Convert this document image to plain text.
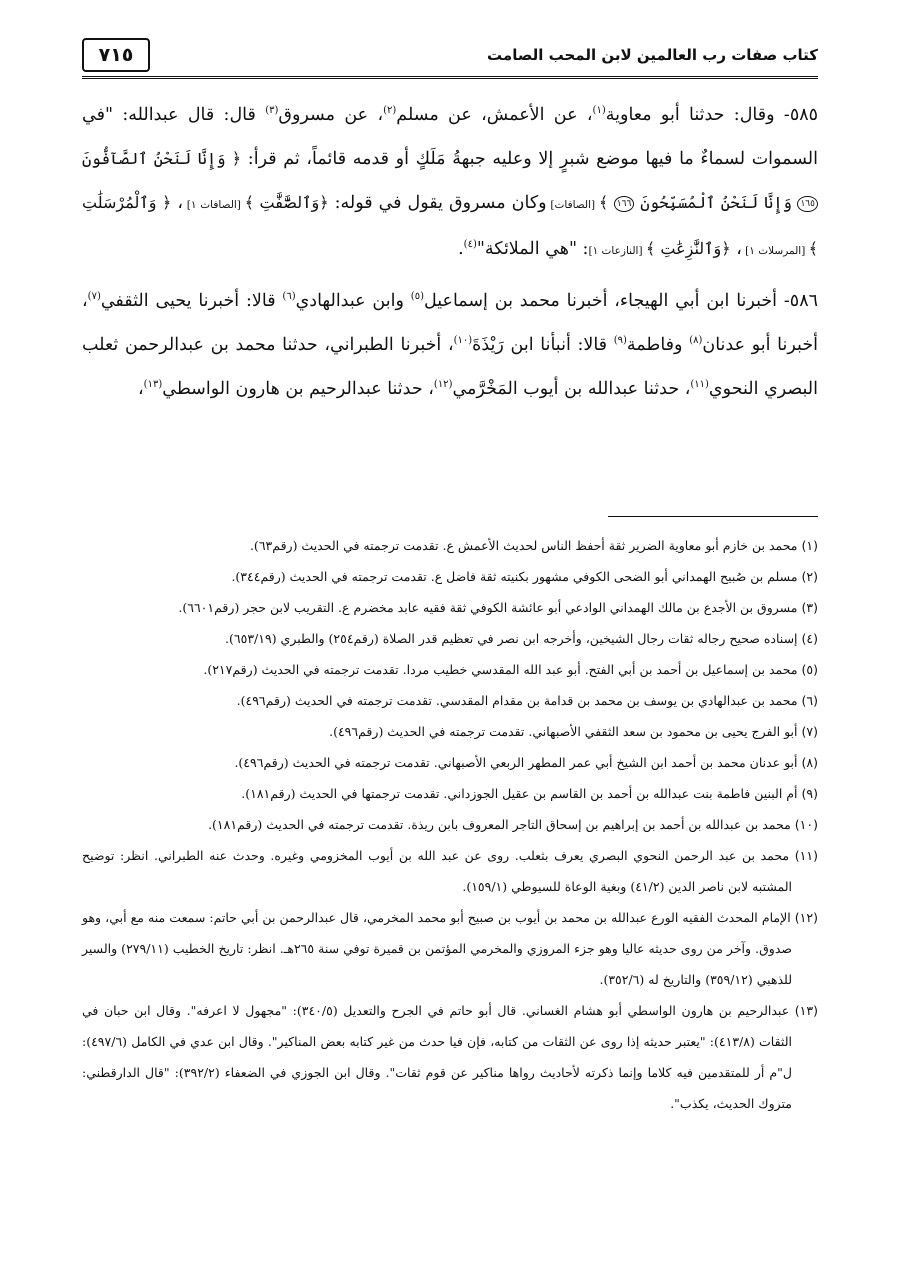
٧١٥	كتاب صفات رب العالمين لابن المحب الصامت

٥٨٥- وقال: حدثنا أبو معاوية$^{(١)}$، عن الأعمش، عن مسلم$^{(٢)}$، عن مسروق$^{(٣)}$ قال: قال عبدالله: "في السموات لسماءٌ ما فيها موضع شبرٍ إلا وعليه جبهةُ مَلَكٍ أو قدمه قائماً، ثم قرأ: ﴿ وَإِنَّا لَنَحْنُ ٱلصَّآفُّونَ ١٦٥ وَإِنَّا لَنَحْنُ ٱلْمُسَبِّحُونَ ١٦٦ ﴾ [الصافات] وكان مسروق يقول في قوله: ﴿وَٱلصَّٰٓفَّٰتِ ﴾ [الصافات ١] ، ﴿ وَٱلْمُرْسَلَٰتِ ﴾ [المرسلات ١] ، ﴿وَٱلنَّٰزِعَٰتِ ﴾ [النازعات ١]: "هي الملائكة"$^{(٤)}$.

٥٨٦- أخبرنا ابن أبي الهيجاء، أخبرنا محمد بن إسماعيل$^{(٥)}$ وابن عبدالهادي$^{(٦)}$ قالا: أخبرنا يحيى الثقفي$^{(٧)}$، أخبرنا أبو عدنان$^{(٨)}$ وفاطمة$^{(٩)}$ قالا: أنبأنا ابن رَيْذَةَ$^{(١٠)}$، أخبرنا الطبراني، حدثنا محمد بن عبدالرحمن ثعلب البصري النحوي$^{(١١)}$، حدثنا عبدالله بن أيوب المَخْرَّمي$^{(١٢)}$، حدثنا عبدالرحيم بن هارون الواسطي$^{(١٣)}$،

(١) محمد بن خازم أبو معاوية الضرير ثقة أحفظ الناس لحديث الأعمش ع. تقدمت ترجمته في الحديث (رقم٦٣).

(٢) مسلم بن صُبيح الهمداني أبو الضحى الكوفي مشهور بكنيته ثقة فاضل ع. تقدمت ترجمته في الحديث (رقم٣٤٤).

(٣) مسروق بن الأجدع بن مالك الهمداني الوادعي أبو عائشة الكوفي ثقة فقيه عابد مخضرم ع. التقريب لابن حجر (رقم٦٦٠١).

(٤) إسناده صحيح رجاله ثقات رجال الشيخين، وأخرجه ابن نصر في تعظيم قدر الصلاة (رقم٢٥٤) والطبري (٦٥٣/١٩).

(٥) محمد بن إسماعيل بن أحمد بن أبي الفتح. أبو عبد الله المقدسي خطيب مردا. تقدمت ترجمته في الحديث (رقم٢١٧).

(٦) محمد بن عبدالهادي بن يوسف بن محمد بن قدامة بن مقدام المقدسي. تقدمت ترجمته في الحديث (رقم٤٩٦).

(٧) أبو الفرج يحيى بن محمود بن سعد الثقفي الأصبهاني. تقدمت ترجمته في الحديث (رقم٤٩٦).

(٨) أبو عدنان محمد بن أحمد ابن الشيخ أبي عمر المطهر الربعي الأصبهاني. تقدمت ترجمته في الحديث (رقم٤٩٦).

(٩) أم البنين فاطمة بنت عبدالله بن أحمد بن القاسم بن عقيل الجوزداني. تقدمت ترجمتها في الحديث (رقم١٨١).

(١٠) محمد بن عبدالله بن أحمد بن إبراهيم بن إسحاق التاجر المعروف بابن ريذة. تقدمت ترجمته في الحديث (رقم١٨١).

(١١) محمد بن عبد الرحمن النحوي البصري يعرف بثعلب. روى عن عبد الله بن أيوب المخزومي وغيره. وحدث عنه الطبراني. انظر: توضيح المشتبه لابن ناصر الدين (٤١/٢) وبغية الوعاة للسيوطي (١٥٩/١).

(١٢) الإمام المحدث الفقيه الورع عبدالله بن محمد بن أيوب بن صبيح أبو محمد المخرمي، قال عبدالرحمن بن أبي حاتم: سمعت منه مع أبي، وهو صدوق. وآخر من روى حديثه عاليا وهو جزء المروزي والمخرمي المؤتمن بن قميرة توفي سنة ٢٦٥هـ. انظر: تاريخ الخطيب (٢٧٩/١١) والسير للذهبي (٣٥٩/١٢) والتاريخ له (٣٥٢/٦).

(١٣) عبدالرحيم بن هارون الواسطي أبو هشام الغساني. قال أبو حاتم في الجرح والتعديل (٣٤٠/٥): "مجهول لا اعرفه". وقال ابن حبان في الثقات (٤١٣/٨): "يعتبر حديثه إذا روى عن الثقات من كتابه، فإن فيا حدث من غير كتابه بعض المناكير". وقال ابن عدي في الكامل (٤٩٧/٦): ل"م أر للمتقدمين فيه كلاما وإنما ذكرته لأحاديث رواها مناكير عن قوم ثقات". وقال ابن الجوزي في الضعفاء (٣٩٢/٢): "قال الدارقطني: متروك الحديث، يكذب".
